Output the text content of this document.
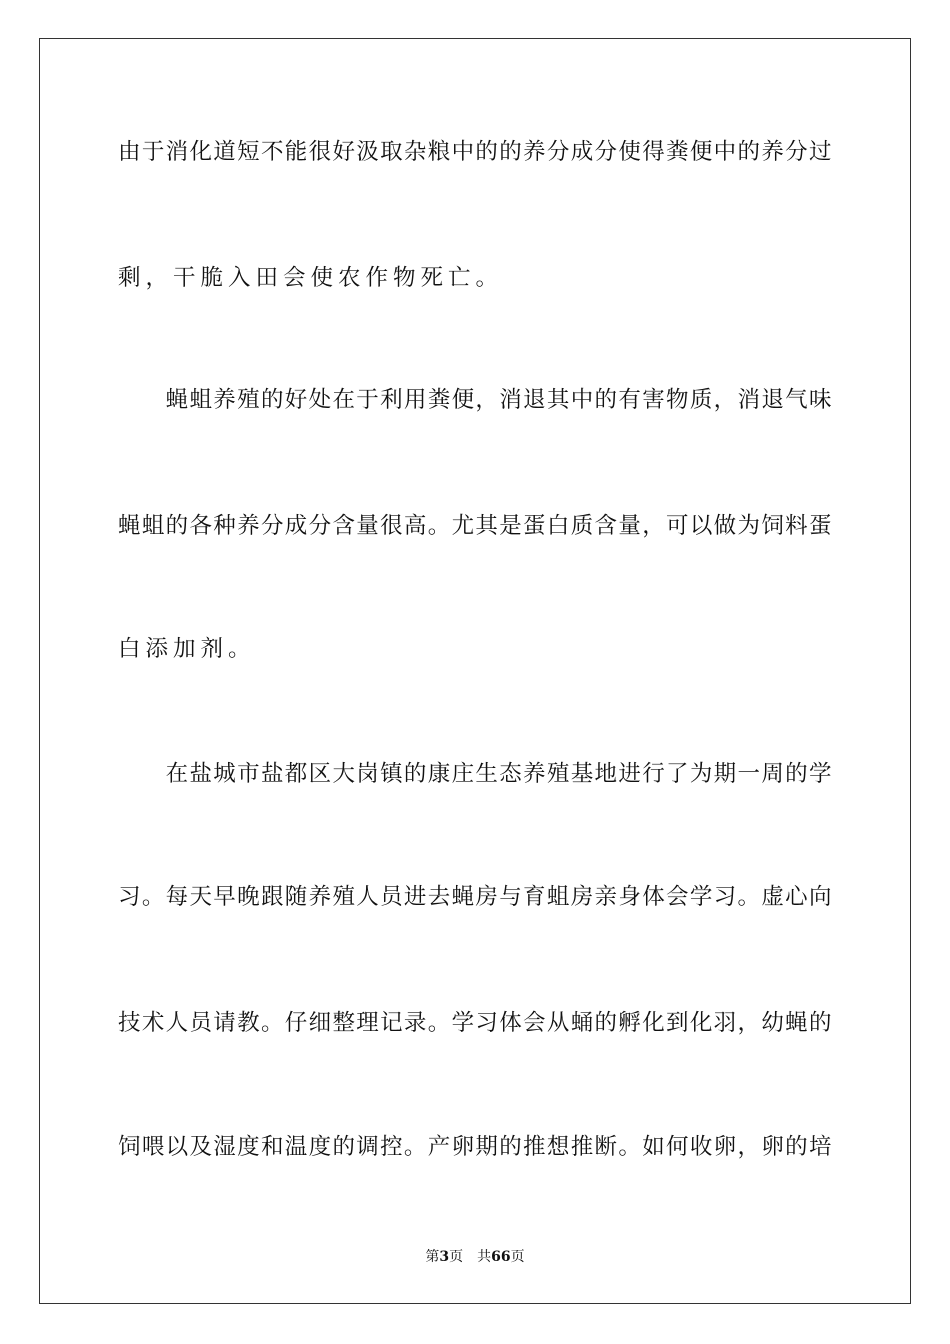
由于消化道短不能很好汲取杂粮中的的养分成分使得粪便中的养分过
剩，干脆入田会使农作物死亡。
　　蝇蛆养殖的好处在于利用粪便，消退其中的有害物质，消退气味
蝇蛆的各种养分成分含量很高。尤其是蛋白质含量，可以做为饲料蛋
白添加剂。
　　在盐城市盐都区大岗镇的康庄生态养殖基地进行了为期一周的学
习。每天早晚跟随养殖人员进去蝇房与育蛆房亲身体会学习。虚心向
技术人员请教。仔细整理记录。学习体会从蛹的孵化到化羽，幼蝇的
饲喂以及湿度和温度的调控。产卵期的推想推断。如何收卵，卵的培
第3页 共66页
